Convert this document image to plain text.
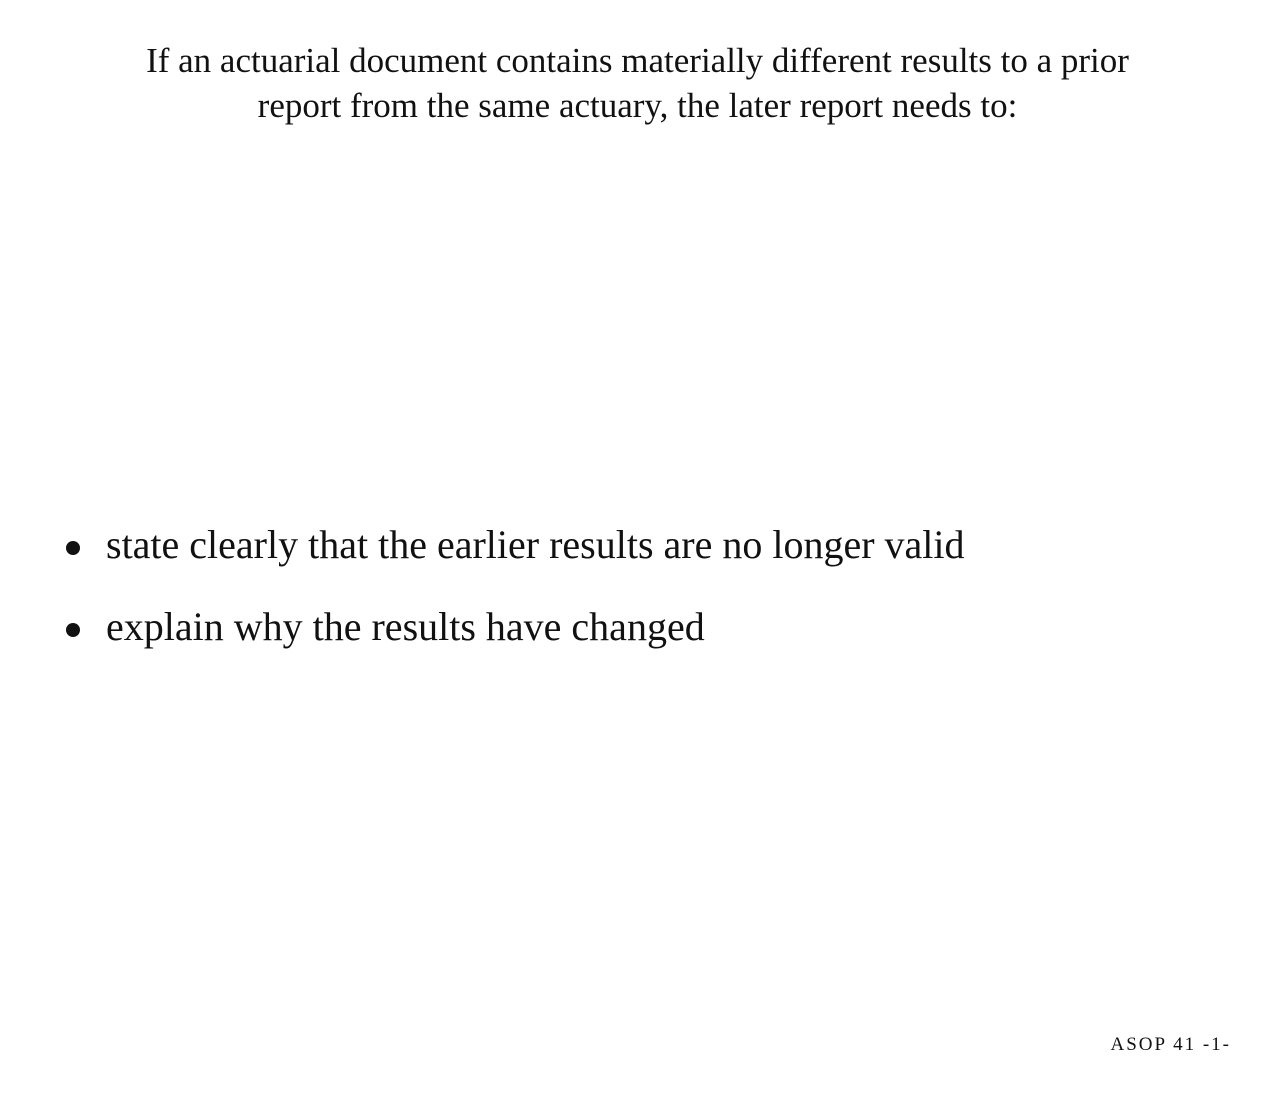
If an actuarial document contains materially different results to a prior
report from the same actuary, the later report needs to:
state clearly that the earlier results are no longer valid
explain why the results have changed
ASOP 41 -1-
